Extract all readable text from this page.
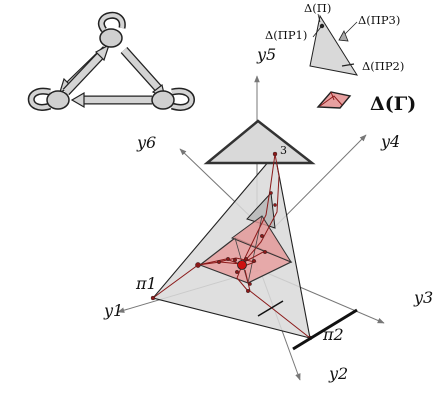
y1
y2
y3
y4
y5
y6
π1
π2
3
Δ(Π)
Δ(ΠP1)
Δ(ΠP3)
Δ(ΠP2)
Δ(Γ)
